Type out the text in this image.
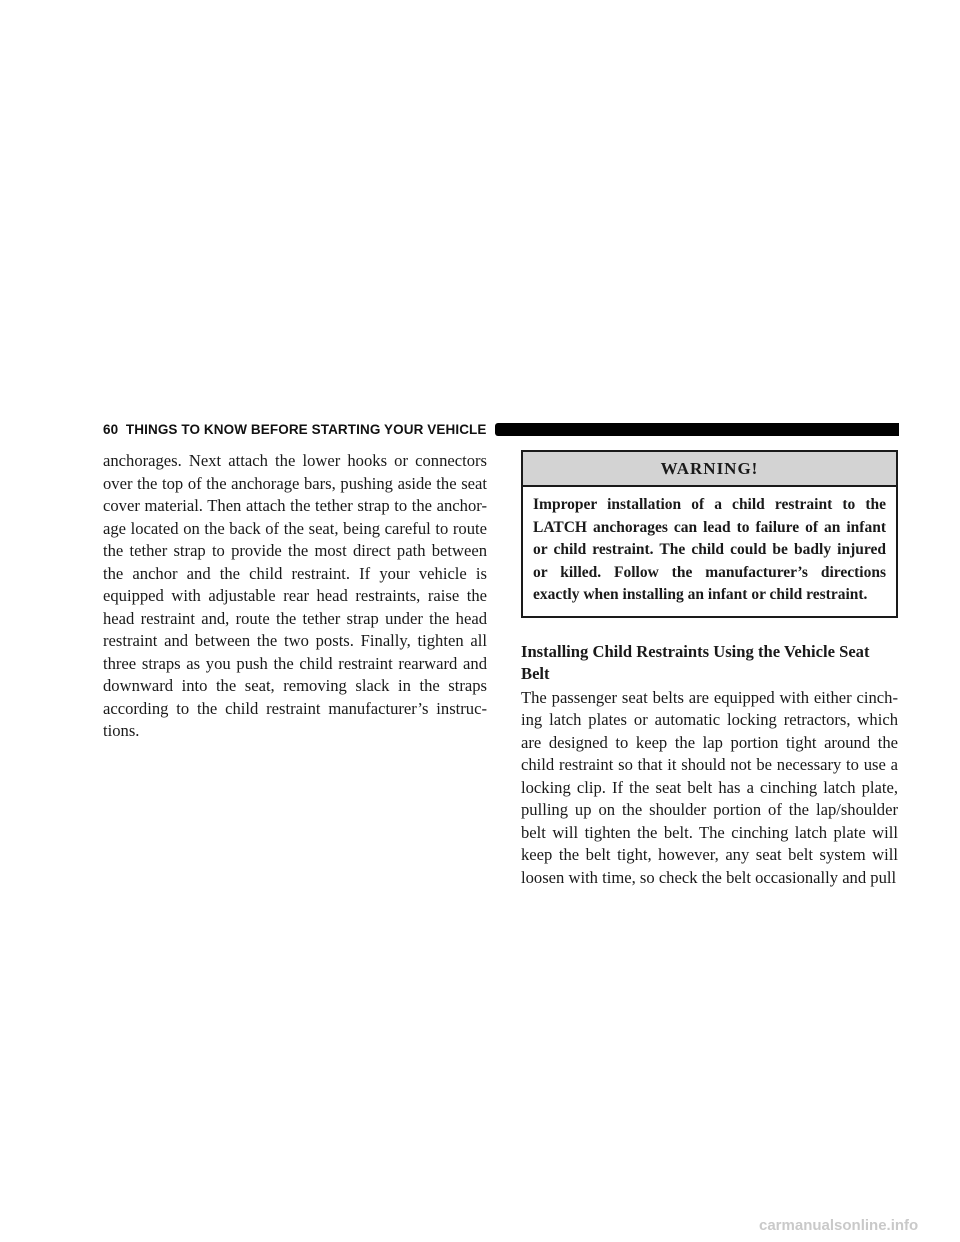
60 THINGS TO KNOW BEFORE STARTING YOUR VEHICLE

anchorages. Next attach the lower hooks or connectors over the top of the anchorage bars, pushing aside the seat cover material. Then attach the tether strap to the anchor-age located on the back of the seat, being careful to route the tether strap to provide the most direct path between the anchor and the child restraint. If your vehicle is equipped with adjustable rear head restraints, raise the head restraint and, route the tether strap under the head restraint and between the two posts. Finally, tighten all three straps as you push the child restraint rearward and downward into the seat, removing slack in the straps according to the child restraint manufacturer’s instruc-tions.

WARNING!

Improper installation of a child restraint to the LATCH anchorages can lead to failure of an infant or child restraint. The child could be badly injured or killed. Follow the manufacturer’s directions exactly when installing an infant or child restraint.

Installing Child Restraints Using the Vehicle Seat Belt

The passenger seat belts are equipped with either cinch-ing latch plates or automatic locking retractors, which are designed to keep the lap portion tight around the child restraint so that it should not be necessary to use a locking clip. If the seat belt has a cinching latch plate, pulling up on the shoulder portion of the lap/shoulder belt will tighten the belt. The cinching latch plate will keep the belt tight, however, any seat belt system will loosen with time, so check the belt occasionally and pull

carmanualsonline.info
